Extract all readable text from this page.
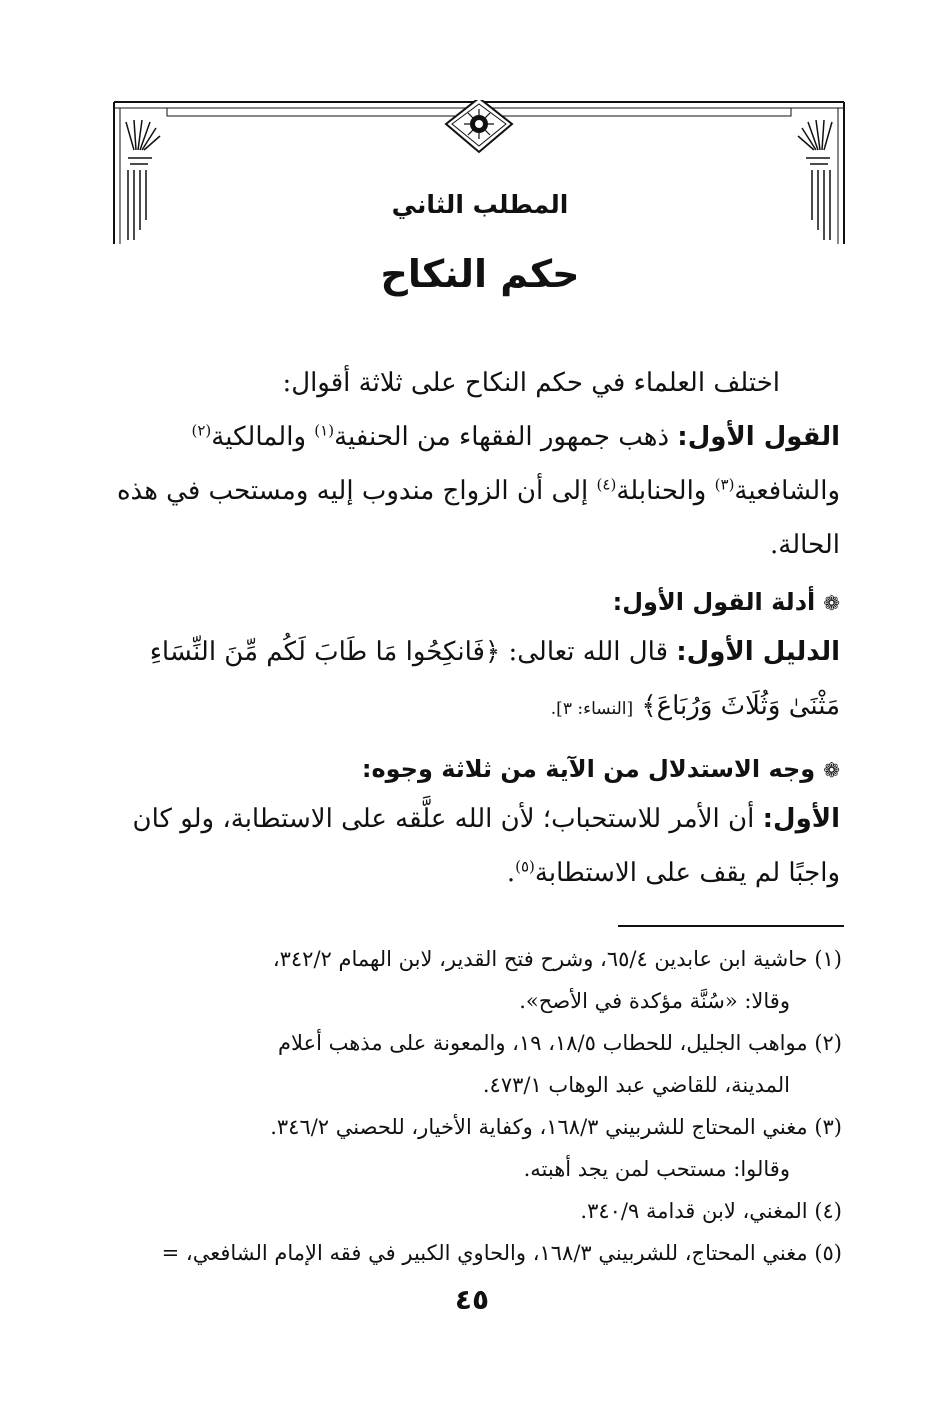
المطلب الثاني
حكم النكاح

اختلف العلماء في حكم النكاح على ثلاثة أقوال:

القول الأول: ذهب جمهور الفقهاء من الحنفية$^{(١)}$ والمالكية$^{(٢)}$ والشافعية$^{(٣)}$ والحنابلة$^{(٤)}$ إلى أن الزواج مندوب إليه ومستحب في هذه الحالة.

❁أدلة القول الأول:

الدليل الأول: قال الله تعالى: ﴿فَانكِحُوا مَا طَابَ لَكُم مِّنَ النِّسَاءِ مَثْنَىٰ وَثُلَاثَ وَرُبَاعَ﴾ [النساء: ٣].

❁وجه الاستدلال من الآية من ثلاثة وجوه:

الأول: أن الأمر للاستحباب؛ لأن الله علَّقه على الاستطابة، ولو كان واجبًا لم يقف على الاستطابة$^{(٥)}$.

(١) حاشية ابن عابدين ٦٥/٤، وشرح فتح القدير، لابن الهمام ٣٤٢/٢،

وقالا: «سُنَّة مؤكدة في الأصح».

(٢) مواهب الجليل، للحطاب ١٨/٥، ١٩، والمعونة على مذهب أعلام

المدينة، للقاضي عبد الوهاب ٤٧٣/١.

(٣) مغني المحتاج للشربيني ١٦٨/٣، وكفاية الأخيار، للحصني ٣٤٦/٢.

وقالوا: مستحب لمن يجد أهبته.

(٤) المغني، لابن قدامة ٣٤٠/٩.

(٥) مغني المحتاج، للشربيني ١٦٨/٣، والحاوي الكبير في فقه الإمام الشافعي، =

٤٥
